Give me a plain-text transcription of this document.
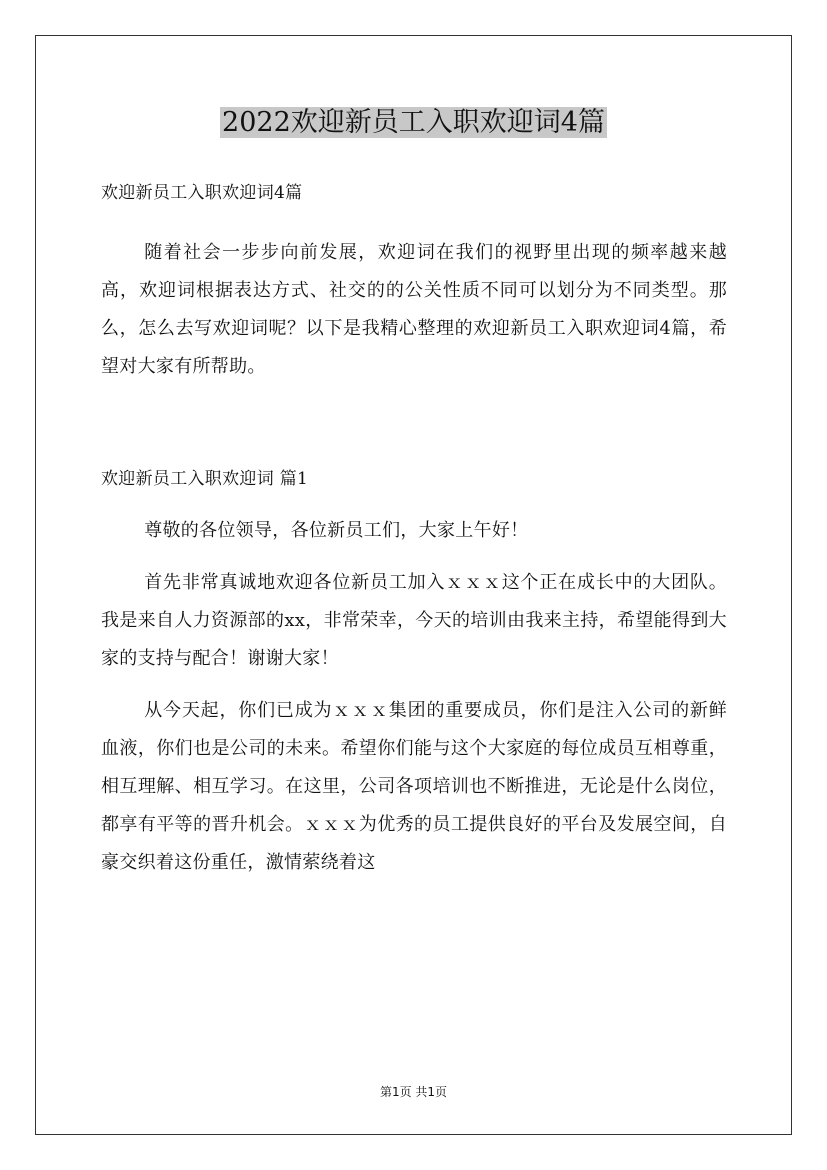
2022欢迎新员工入职欢迎词4篇

欢迎新员工入职欢迎词4篇

随着社会一步步向前发展，欢迎词在我们的视野里出现的频率越来越高，欢迎词根据表达方式、社交的的公关性质不同可以划分为不同类型。那么，怎么去写欢迎词呢？以下是我精心整理的欢迎新员工入职欢迎词4篇，希望对大家有所帮助。

欢迎新员工入职欢迎词 篇1

尊敬的各位领导，各位新员工们，大家上午好！

首先非常真诚地欢迎各位新员工加入ｘｘｘ这个正在成长中的大团队。我是来自人力资源部的xx，非常荣幸，今天的培训由我来主持，希望能得到大家的支持与配合！谢谢大家！

从今天起，你们已成为ｘｘｘ集团的重要成员，你们是注入公司的新鲜血液，你们也是公司的未来。希望你们能与这个大家庭的每位成员互相尊重，相互理解、相互学习。在这里，公司各项培训也不断推进，无论是什么岗位，都享有平等的晋升机会。ｘｘｘ为优秀的员工提供良好的平台及发展空间，自豪交织着这份重任，激情萦绕着这

第1页 共1页
